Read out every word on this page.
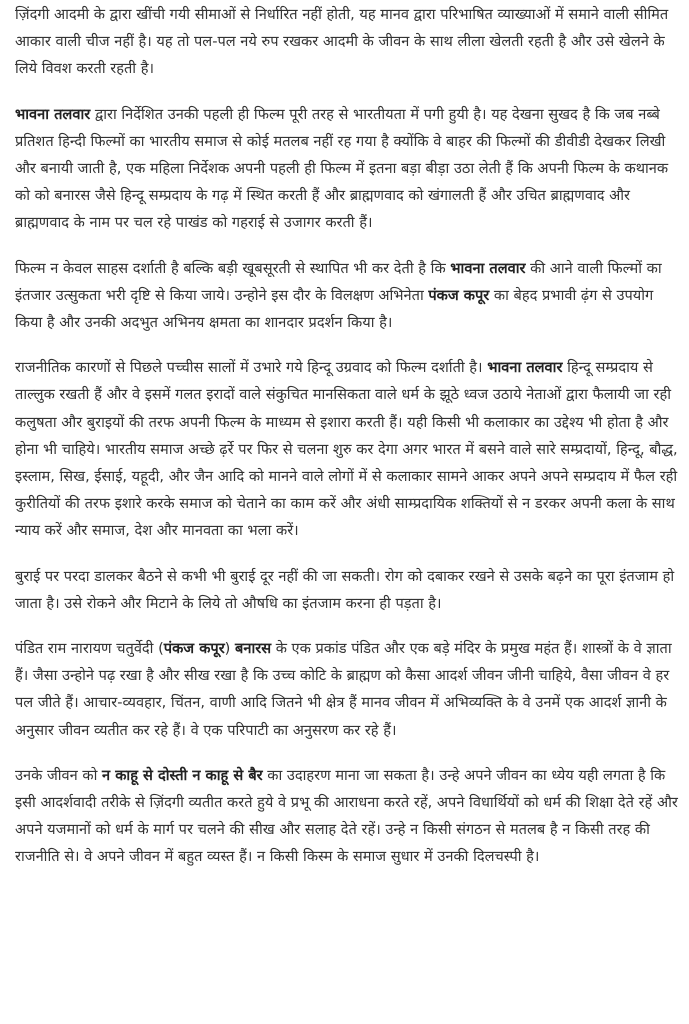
ज़िंदगी आदमी के द्वारा खींची गयी सीमाओं से निर्धारित नहीं होती, यह मानव द्वारा परिभाषित व्याख्याओं में समाने वाली सीमित आकार वाली चीज नहीं है। यह तो पल-पल नये रुप रखकर आदमी के जीवन के साथ लीला खेलती रहती है और उसे खेलने के लिये विवश करती रहती है।

भावना तलवार द्वारा निर्देशित उनकी पहली ही फिल्म पूरी तरह से भारतीयता में पगी हुयी है। यह देखना सुखद है कि जब नब्बे प्रतिशत हिन्दी फिल्मों का भारतीय समाज से कोई मतलब नहीं रह गया है क्योंकि वे बाहर की फिल्मों की डीवीडी देखकर लिखी और बनायी जाती है, एक महिला निर्देशक अपनी पहली ही फिल्म में इतना बड़ा बीड़ा उठा लेती हैं कि अपनी फिल्म के कथानक को को बनारस जैसे हिन्दू सम्प्रदाय के गढ़ में स्थित करती हैं और ब्राह्मणवाद को खंगालती हैं और उचित ब्राह्मणवाद और ब्राह्मणवाद के नाम पर चल रहे पाखंड को गहराई से उजागर करती हैं।

फिल्म न केवल साहस दर्शाती है बल्कि बड़ी खूबसूरती से स्थापित भी कर देती है कि भावना तलवार की आने वाली फिल्मों का इंतजार उत्सुकता भरी दृष्टि से किया जाये। उन्होने इस दौर के विलक्षण अभिनेता पंकज कपूर का बेहद प्रभावी ढ़ंग से उपयोग किया है और उनकी अदभुत अभिनय क्षमता का शानदार प्रदर्शन किया है।

राजनीतिक कारणों से पिछले पच्चीस सालों में उभारे गये हिन्दू उग्रवाद को फिल्म दर्शाती है। भावना तलवार हिन्दू सम्प्रदाय से ताल्लुक रखती हैं और वे इसमें गलत इरादों वाले संकुचित मानसिकता वाले धर्म के झूठे ध्वज उठाये नेताओं द्वारा फैलायी जा रही कलुषता और बुराइयों की तरफ अपनी फिल्म के माध्यम से इशारा करती हैं। यही किसी भी कलाकार का उद्देश्य भी होता है और होना भी चाहिये। भारतीय समाज अच्छे ढ़र्रे पर फिर से चलना शुरु कर देगा अगर भारत में बसने वाले सारे सम्प्रदायों, हिन्दू, बौद्ध, इस्लाम, सिख, ईसाई, यहूदी, और जैन आदि को मानने वाले लोगों में से कलाकार सामने आकर अपने अपने सम्प्रदाय में फैल रही कुरीतियों की तरफ इशारे करके समाज को चेताने का काम करें और अंधी साम्प्रदायिक शक्तियों से न डरकर अपनी कला के साथ न्याय करें और समाज, देश और मानवता का भला करें।

बुराई पर परदा डालकर बैठने से कभी भी बुराई दूर नहीं की जा सकती। रोग को दबाकर रखने से उसके बढ़ने का पूरा इंतजाम हो जाता है। उसे रोकने और मिटाने के लिये तो औषधि का इंतजाम करना ही पड़ता है।

पंडित राम नारायण चतुर्वेदी (पंकज कपूर) बनारस के एक प्रकांड पंडित और एक बड़े मंदिर के प्रमुख महंत हैं। शास्त्रों के वे ज्ञाता हैं। जैसा उन्होने पढ़ रखा है और सीख रखा है कि उच्च कोटि के ब्राह्मण को कैसा आदर्श जीवन जीनी चाहिये, वैसा जीवन वे हर पल जीते हैं। आचार-व्यवहार, चिंतन, वाणी आदि जितने भी क्षेत्र हैं मानव जीवन में अभिव्यक्ति के वे उनमें एक आदर्श ज्ञानी के अनुसार जीवन व्यतीत कर रहे हैं। वे एक परिपाटी का अनुसरण कर रहे हैं।

उनके जीवन को न काहू से दोस्ती न काहू से बैर का उदाहरण माना जा सकता है। उन्हे अपने जीवन का ध्येय यही लगता है कि इसी आदर्शवादी तरीके से ज़िंदगी व्यतीत करते हुये वे प्रभू की आराधना करते रहें, अपने विधार्थियों को धर्म की शिक्षा देते रहें और अपने यजमानों को धर्म के मार्ग पर चलने की सीख और सलाह देते रहें। उन्हे न किसी संगठन से मतलब है न किसी तरह की राजनीति से। वे अपने जीवन में बहुत व्यस्त हैं। न किसी किस्म के समाज सुधार में उनकी दिलचस्पी है।
